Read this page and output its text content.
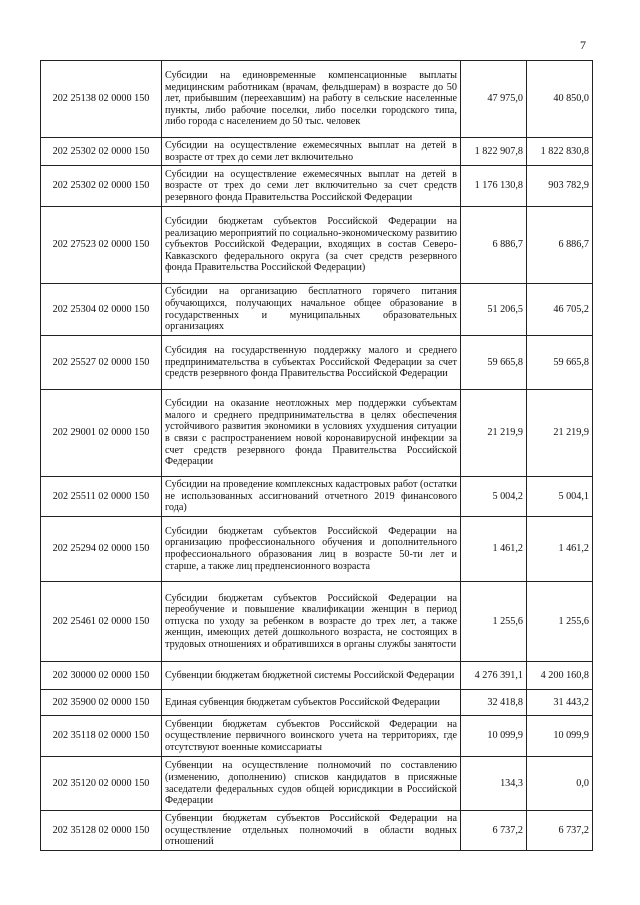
7
202 25138 02 0000 150	Субсидии на единовременные компенсационные выплаты медицинским работникам (врачам, фельдшерам) в возрасте до 50 лет, прибывшим (переехавшим) на работу в сельские населенные пункты, либо рабочие поселки, либо поселки городского типа, либо города с населением до 50 тыс. человек	47 975,0	40 850,0
202 25302 02 0000 150	Субсидии на осуществление ежемесячных выплат на детей в возрасте от трех до семи лет включительно	1 822 907,8	1 822 830,8
202 25302 02 0000 150	Субсидии на осуществление ежемесячных выплат на детей в возрасте от трех до семи лет включительно за счет средств резервного фонда Правительства Российской Федерации	1 176 130,8	903 782,9
202 27523 02 0000 150	Субсидии бюджетам субъектов Российской Федерации на реализацию мероприятий по социально-экономическому развитию субъектов Российской Федерации, входящих в состав Северо-Кавказского федерального округа (за счет средств резервного фонда Правительства Российской Федерации)	6 886,7	6 886,7
202 25304 02 0000 150	Субсидии на организацию бесплатного горячего питания обучающихся, получающих начальное общее образование в государственных и муниципальных образовательных организациях	51 206,5	46 705,2
202 25527 02 0000 150	Субсидия на государственную поддержку малого и среднего предпринимательства в субъектах Российской Федерации за счет средств резервного фонда Правительства Российской Федерации	59 665,8	59 665,8
202 29001 02 0000 150	Субсидии на оказание неотложных мер поддержки субъектам малого и среднего предпринимательства в целях обеспечения устойчивого развития экономики в условиях ухудшения ситуации в связи с распространением новой коронавирусной инфекции за счет средств резервного фонда Правительства Российской Федерации	21 219,9	21 219,9
202 25511 02 0000 150	Субсидии на проведение комплексных кадастровых работ (остатки не использованных ассигнований отчетного 2019 финансового года)	5 004,2	5 004,1
202 25294 02 0000 150	Субсидии бюджетам субъектов Российской Федерации на организацию профессионального обучения и дополнительного профессионального образования лиц в возрасте 50-ти лет и старше, а также лиц предпенсионного возраста	1 461,2	1 461,2
202 25461 02 0000 150	Субсидии бюджетам субъектов Российской Федерации на переобучение и повышение квалификации женщин в период отпуска по уходу за ребенком в возрасте до трех лет, а также женщин, имеющих детей дошкольного возраста, не состоящих в трудовых отношениях и обратившихся в органы службы занятости	1 255,6	1 255,6
202 30000 02 0000 150	Субвенции бюджетам бюджетной системы Российской Федерации	4 276 391,1	4 200 160,8
202 35900 02 0000 150	Единая субвенция бюджетам субъектов Российской Федерации	32 418,8	31 443,2
202 35118 02 0000 150	Субвенции бюджетам субъектов Российской Федерации на осуществление первичного воинского учета на территориях, где отсутствуют военные комиссариаты	10 099,9	10 099,9
202 35120 02 0000 150	Субвенции на осуществление полномочий по составлению (изменению, дополнению) списков кандидатов в присяжные заседатели федеральных судов общей юрисдикции в Российской Федерации	134,3	0,0
202 35128 02 0000 150	Субвенции бюджетам субъектов Российской Федерации на осуществление отдельных полномочий в области водных отношений	6 737,2	6 737,2
